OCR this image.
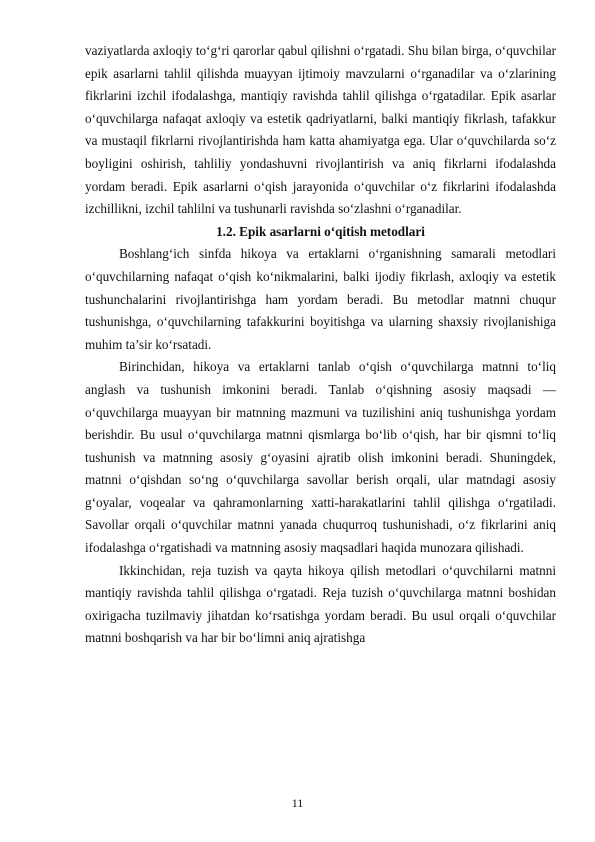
vaziyatlarda axloqiy to‘g‘ri qarorlar qabul qilishni o‘rgatadi. Shu bilan birga, o‘quvchilar epik asarlarni tahlil qilishda muayyan ijtimoiy mavzularni o‘rganadilar va o‘zlarining fikrlarini izchil ifodalashga, mantiqiy ravishda tahlil qilishga o‘rgatadilar. Epik asarlar o‘quvchilarga nafaqat axloqiy va estetik qadriyatlarni, balki mantiqiy fikrlash, tafakkur va mustaqil fikrlarni rivojlantirishda ham katta ahamiyatga ega. Ular o‘quvchilarda so‘z boyligini oshirish, tahliliy yondashuvni rivojlantirish va aniq fikrlarni ifodalashda yordam beradi. Epik asarlarni o‘qish jarayonida o‘quvchilar o‘z fikrlarini ifodalashda izchillikni, izchil tahlilni va tushunarli ravishda so‘zlashni o‘rganadilar.

1.2. Epik asarlarni o‘qitish metodlari

Boshlang‘ich sinfda hikoya va ertaklarni o‘rganishning samarali metodlari o‘quvchilarning nafaqat o‘qish ko‘nikmalarini, balki ijodiy fikrlash, axloqiy va estetik tushunchalarini rivojlantirishga ham yordam beradi. Bu metodlar matnni chuqur tushunishga, o‘quvchilarning tafakkurini boyitishga va ularning shaxsiy rivojlanishiga muhim ta’sir ko‘rsatadi.

Birinchidan, hikoya va ertaklarni tanlab o‘qish o‘quvchilarga matnni to‘liq anglash va tushunish imkonini beradi. Tanlab o‘qishning asosiy maqsadi — o‘quvchilarga muayyan bir matnning mazmuni va tuzilishini aniq tushunishga yordam berishdir. Bu usul o‘quvchilarga matnni qismlarga bo‘lib o‘qish, har bir qismni to‘liq tushunish va matnning asosiy g‘oyasini ajratib olish imkonini beradi. Shuningdek, matnni o‘qishdan so‘ng o‘quvchilarga savollar berish orqali, ular matndagi asosiy g‘oyalar, voqealar va qahramonlarning xatti-harakatlarini tahlil qilishga o‘rgatiladi. Savollar orqali o‘quvchilar matnni yanada chuqurroq tushunishadi, o‘z fikrlarini aniq ifodalashga o‘rgatishadi va matnning asosiy maqsadlari haqida munozara qilishadi.

Ikkinchidan, reja tuzish va qayta hikoya qilish metodlari o‘quvchilarni matnni mantiqiy ravishda tahlil qilishga o‘rgatadi. Reja tuzish o‘quvchilarga matnni boshidan oxirigacha tuzilmaviy jihatdan ko‘rsatishga yordam beradi. Bu usul orqali o‘quvchilar matnni boshqarish va har bir bo‘limni aniq ajratishga

11
